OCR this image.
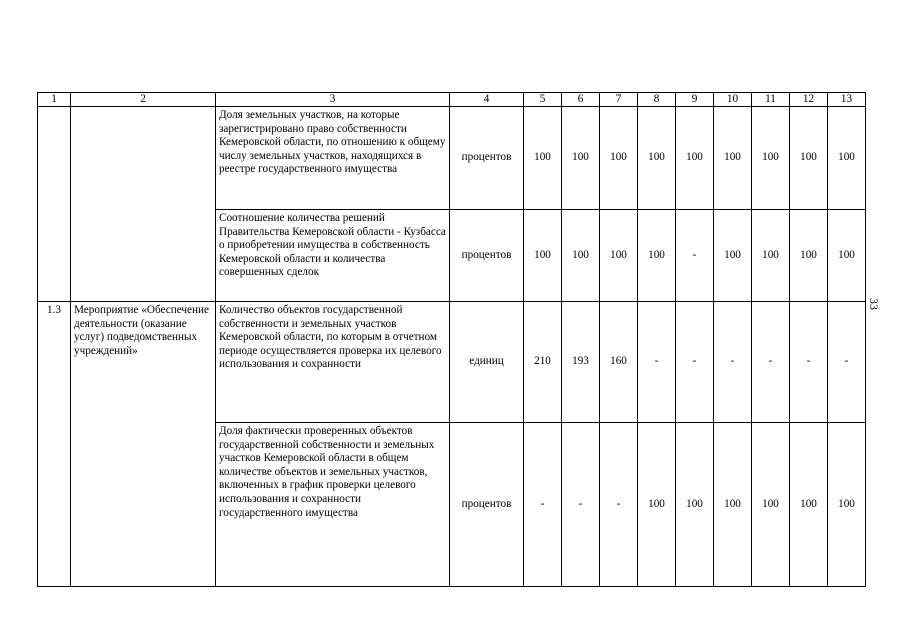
1	2	3	4	5	6	7	8	9	10	11	12	13
		Доля земельных участков, на которые зарегистрировано право собственности Кемеровской области, по отношению к общему числу земельных участков, находящихся в реестре государственного имущества	процентов	100	100	100	100	100	100	100	100	100
		Соотношение количества решений Правительства Кемеровской области - Кузбасса о приобретении имущества в собственность Кемеровской области и количества совершенных сделок	процентов	100	100	100	100	-	100	100	100	100
1.3	Мероприятие «Обеспечение деятельности (оказание услуг) подведомственных учреждений»	Количество объектов государственной собственности и земельных участков Кемеровской области, по которым в отчетном периоде осуществляется проверка их целевого использования и сохранности	единиц	210	193	160	-	-	-	-	-	-
		Доля фактически проверенных объектов государственной собственности и земельных участков Кемеровской области в общем количестве объектов и земельных участков, включенных в график проверки целевого использования и сохранности государственного имущества	процентов	-	-	-	100	100	100	100	100	100
33
